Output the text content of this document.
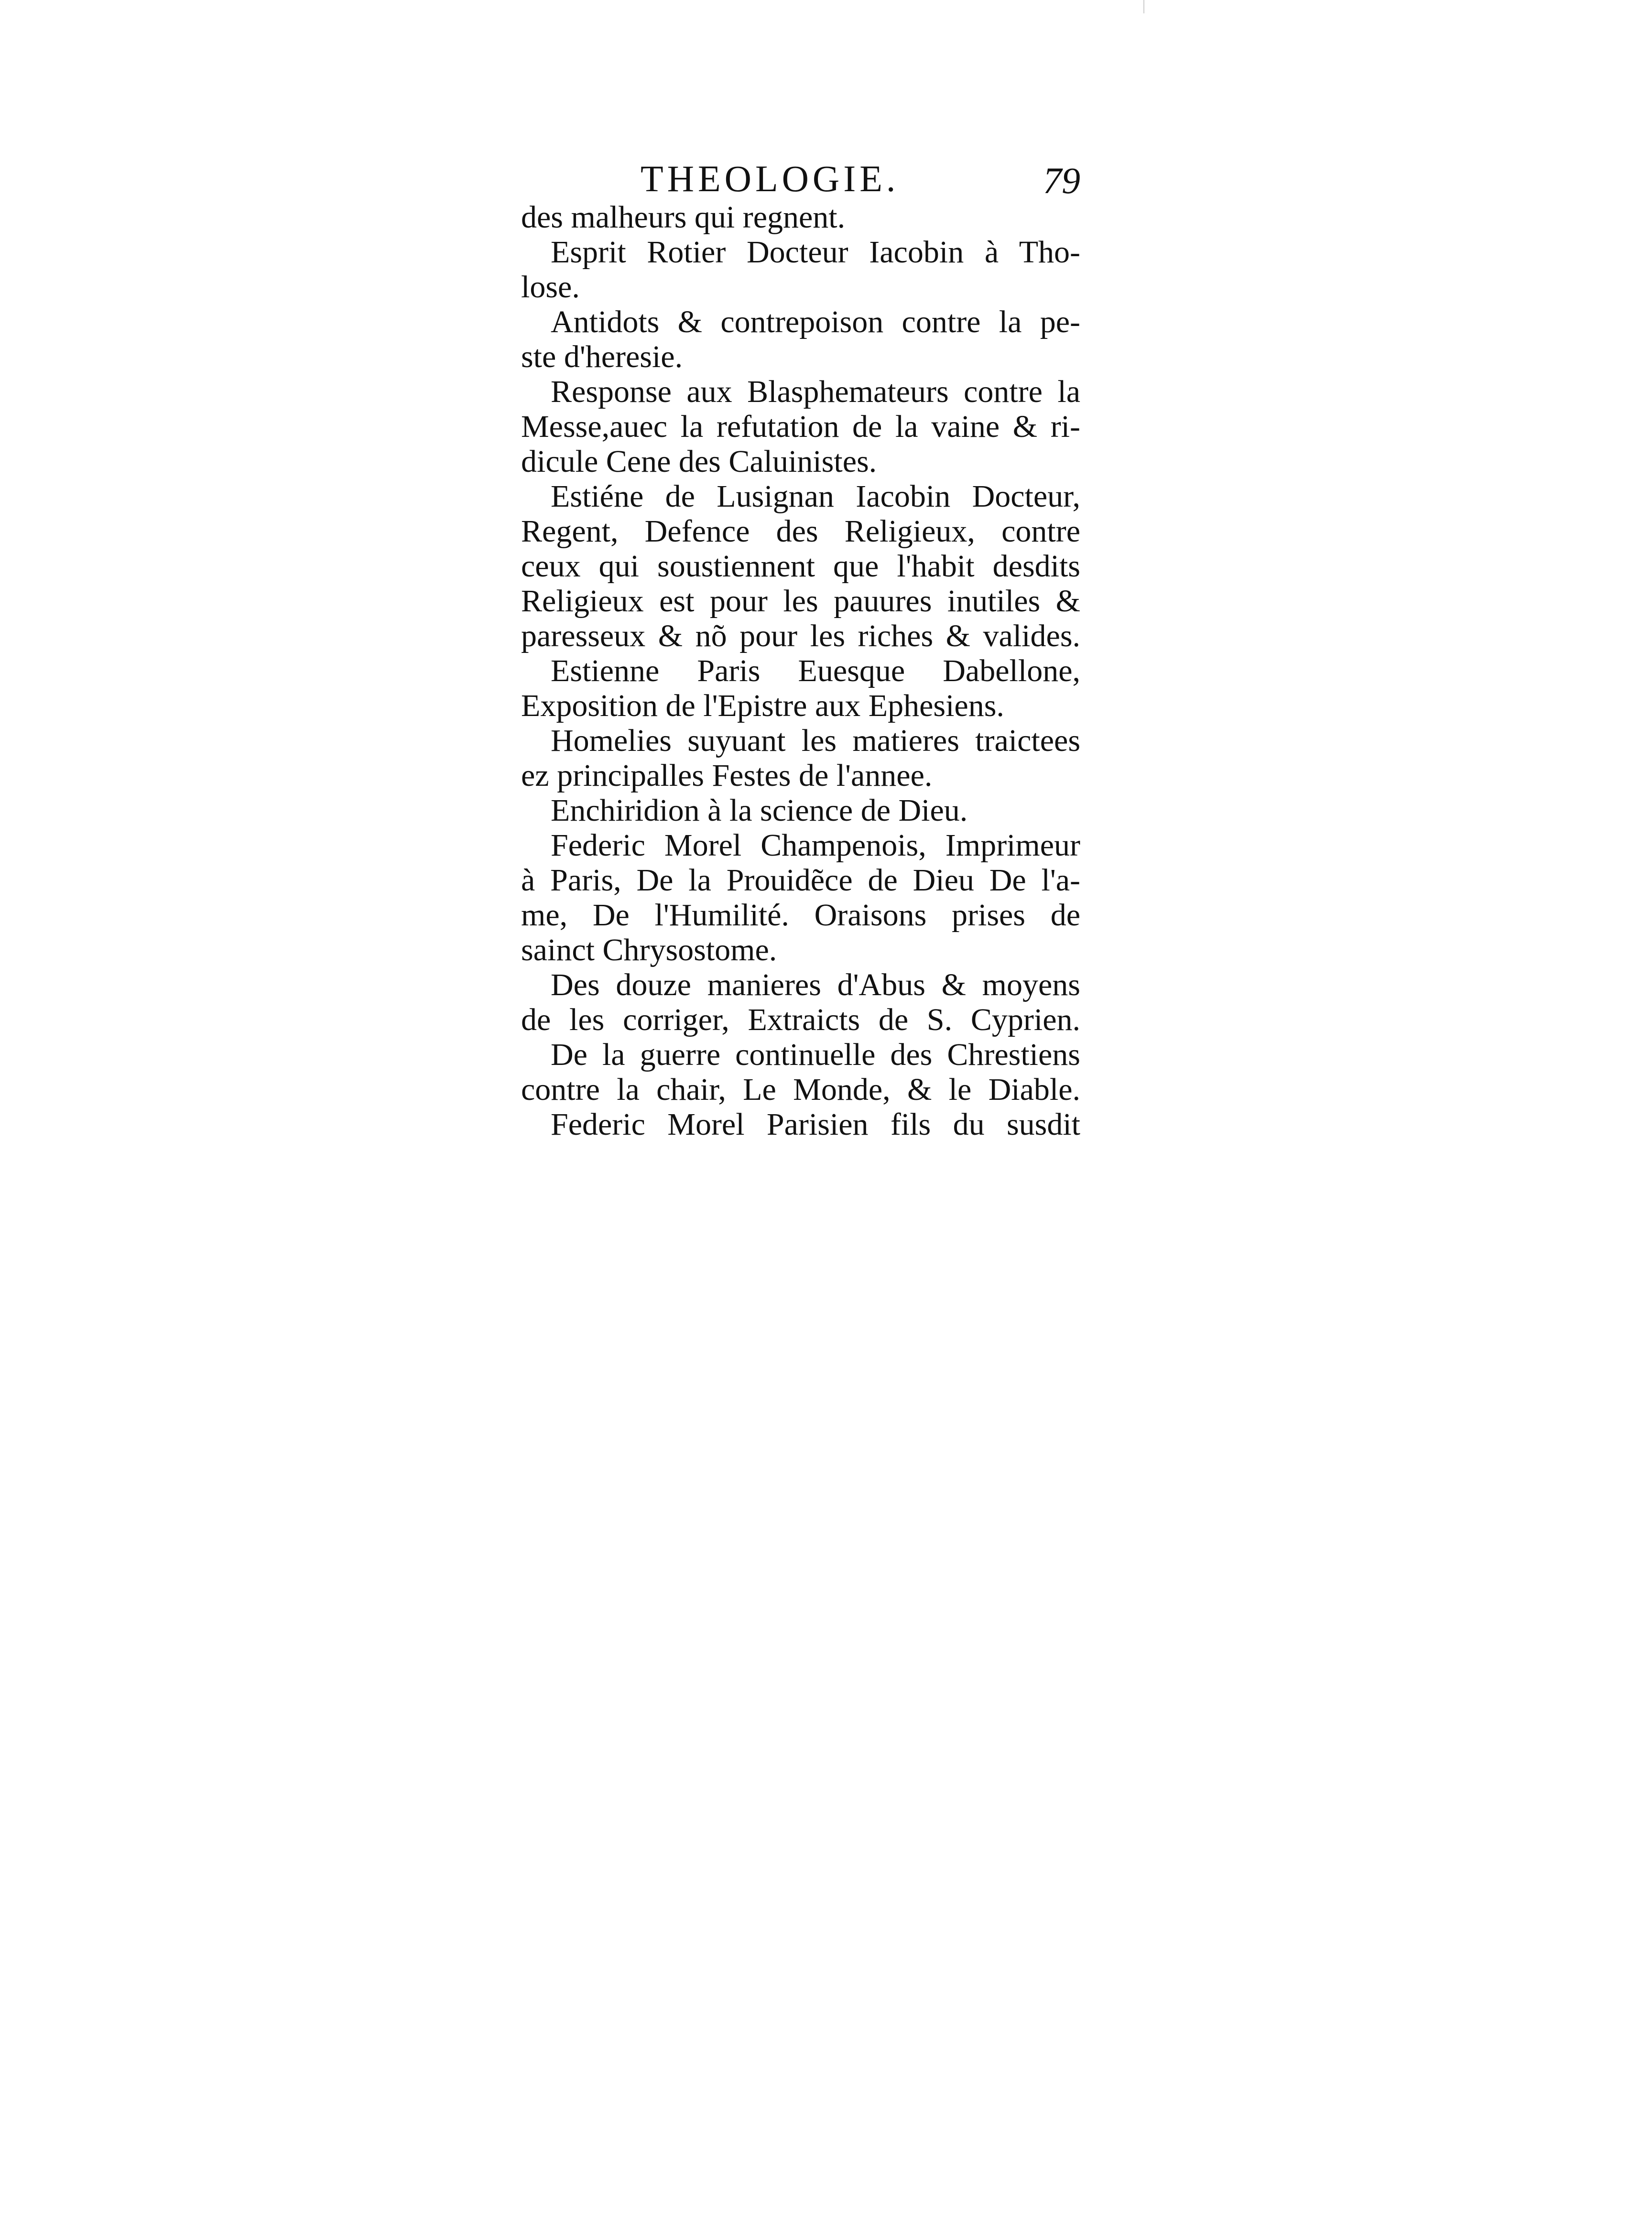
THEOLOGIE.	79
des malheurs qui regnent.
Esprit Rotier Docteur Iacobin à Tho-
lose.
Antidots & contrepoison contre la pe-
ste d'heresie.
Response aux Blasphemateurs contre la
Messe,auec la refutation de la vaine & ri-
dicule Cene des Caluinistes.
Estiéne de Lusignan Iacobin Docteur,
Regent, Defence des Religieux, contre
ceux qui soustiennent que l'habit desdits
Religieux est pour les pauures inutiles &
paresseux & nõ pour les riches & valides.
Estienne Paris Euesque Dabellone,
Exposition de l'Epistre aux Ephesiens.
Homelies suyuant les matieres traictees
ez principalles Festes de l'annee.
Enchiridion à la science de Dieu.
Federic Morel Champenois, Imprimeur
à Paris, De la Prouidẽce de Dieu De l'a-
me, De l'Humilité. Oraisons prises de
sainct Chrysostome.
Des douze manieres d'Abus & moyens
de les corriger, Extraicts de S. Cyprien.
De la guerre continuelle des Chrestiens
contre la chair, Le Monde, & le Diable.
Federic Morel Parisien fils du susdit
